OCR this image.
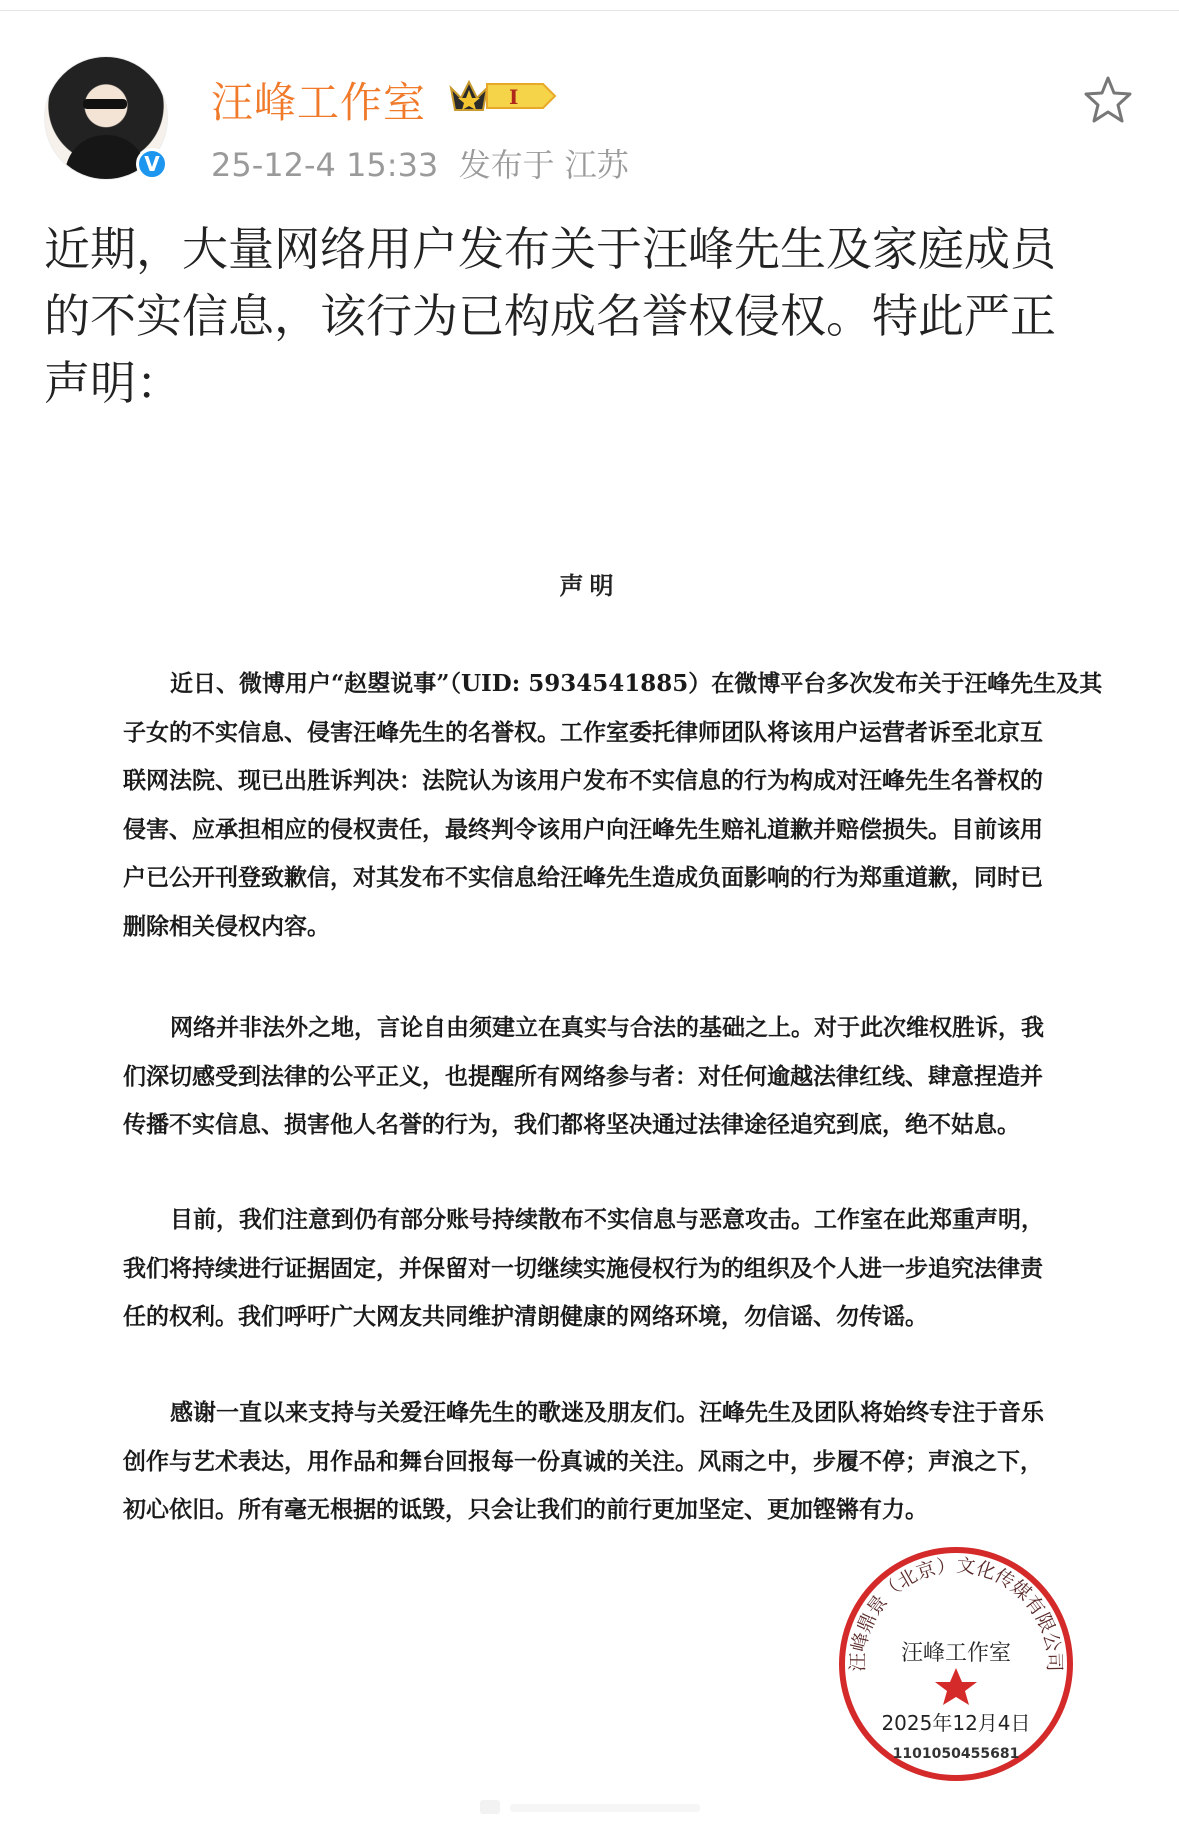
V
汪峰工作室	I
25-12-4 15:33 发布于 江苏
近期，大量网络用户发布关于汪峰先生及家庭成员
的不实信息，该行为已构成名誉权侵权。特此严正
声明：
声明
近日、微博用户“赵曌说事”（UID: 5934541885）在微博平台多次发布关于汪峰先生及其
子女的不实信息、侵害汪峰先生的名誉权。工作室委托律师团队将该用户运营者诉至北京互
联网法院、现已出胜诉判决：法院认为该用户发布不实信息的行为构成对汪峰先生名誉权的
侵害、应承担相应的侵权责任，最终判令该用户向汪峰先生赔礼道歉并赔偿损失。目前该用
户已公开刊登致歉信，对其发布不实信息给汪峰先生造成负面影响的行为郑重道歉，同时已
删除相关侵权内容。
网络并非法外之地，言论自由须建立在真实与合法的基础之上。对于此次维权胜诉，我
们深切感受到法律的公平正义，也提醒所有网络参与者：对任何逾越法律红线、肆意捏造并
传播不实信息、损害他人名誉的行为，我们都将坚决通过法律途径追究到底，绝不姑息。
目前，我们注意到仍有部分账号持续散布不实信息与恶意攻击。工作室在此郑重声明，
我们将持续进行证据固定，并保留对一切继续实施侵权行为的组织及个人进一步追究法律责
任的权利。我们呼吁广大网友共同维护清朗健康的网络环境，勿信谣、勿传谣。
感谢一直以来支持与关爱汪峰先生的歌迷及朋友们。汪峰先生及团队将始终专注于音乐
创作与艺术表达，用作品和舞台回报每一份真诚的关注。风雨之中，步履不停；声浪之下，
初心依旧。所有毫无根据的诋毁，只会让我们的前行更加坚定、更加铿锵有力。
汪峰鼎景（北京）文化传媒有限公司
汪峰工作室
2025年12月4日
1101050455681
